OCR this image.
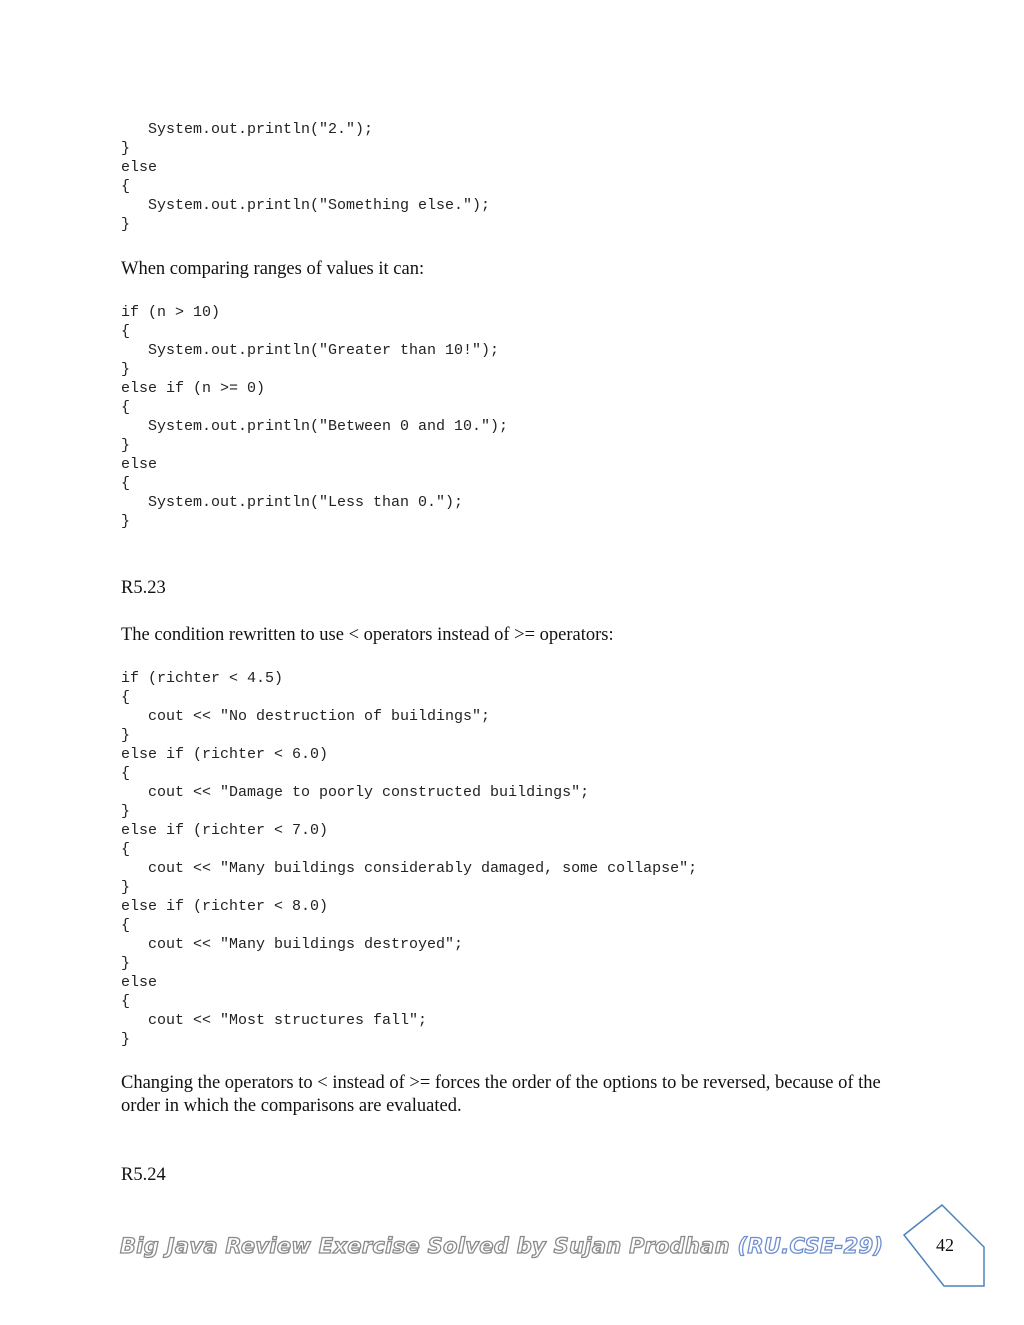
System.out.println("2.");
}
else
{
System.out.println("Something else.");
}

When comparing ranges of values it can:

if (n > 10)
{
System.out.println("Greater than 10!");
}
else if (n >= 0)
{
System.out.println("Between 0 and 10.");
}
else
{
System.out.println("Less than 0.");
}

R5.23

The condition rewritten to use < operators instead of >= operators:

if (richter < 4.5)
{
cout << "No destruction of buildings";
}
else if (richter < 6.0)
{
cout << "Damage to poorly constructed buildings";
}
else if (richter < 7.0)
{
cout << "Many buildings considerably damaged, some collapse";
}
else if (richter < 8.0)
{
cout << "Many buildings destroyed";
}
else
{
cout << "Most structures fall";
}

Changing the operators to < instead of >= forces the order of the options to be reversed, because of the order in which the comparisons are evaluated.

R5.24

Big Java Review Exercise Solved by Sujan Prodhan (RU.CSE-29)	42
